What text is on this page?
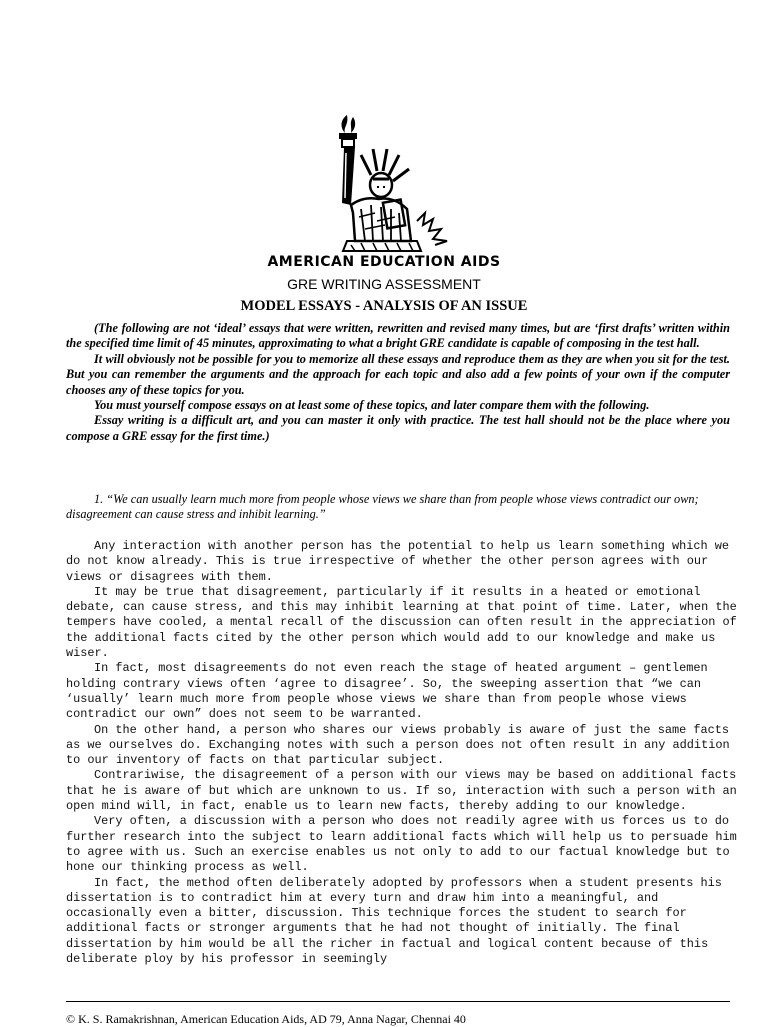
AMERICAN EDUCATION AIDS
GRE WRITING ASSESSMENT
MODEL ESSAYS - ANALYSIS OF AN ISSUE

(The following are not ‘ideal’ essays that were written, rewritten and revised many times, but are ‘first drafts’ written within the specified time limit of 45 minutes, approximating to what a bright GRE candidate is capable of composing in the test hall.

It will obviously not be possible for you to memorize all these essays and reproduce them as they are when you sit for the test. But you can remember the arguments and the approach for each topic and also add a few points of your own if the computer chooses any of these topics for you.

You must yourself compose essays on at least some of these topics, and later compare them with the following.

Essay writing is a difficult art, and you can master it only with practice. The test hall should not be the place where you compose a GRE essay for the first time.)

1. “We can usually learn much more from people whose views we share than from people whose views contradict our own; disagreement can cause stress and inhibit learning.”

Any interaction with another person has the potential to help us learn something which we do not know already. This is true irrespective of whether the other person agrees with our views or disagrees with them.

It may be true that disagreement, particularly if it results in a heated or emotional debate, can cause stress, and this may inhibit learning at that point of time. Later, when the tempers have cooled, a mental recall of the discussion can often result in the appreciation of the additional facts cited by the other person which would add to our knowledge and make us wiser.

In fact, most disagreements do not even reach the stage of heated argument – gentlemen holding contrary views often ‘agree to disagree’. So, the sweeping assertion that “we can ‘usually’ learn much more from people whose views we share than from people whose views contradict our own” does not seem to be warranted.

On the other hand, a person who shares our views probably is aware of just the same facts as we ourselves do. Exchanging notes with such a person does not often result in any addition to our inventory of facts on that particular subject.

Contrariwise, the disagreement of a person with our views may be based on additional facts that he is aware of but which are unknown to us. If so, interaction with such a person with an open mind will, in fact, enable us to learn new facts, thereby adding to our knowledge.

Very often, a discussion with a person who does not readily agree with us forces us to do further research into the subject to learn additional facts which will help us to persuade him to agree with us. Such an exercise enables us not only to add to our factual knowledge but to hone our thinking process as well.

In fact, the method often deliberately adopted by professors when a student presents his dissertation is to contradict him at every turn and draw him into a meaningful, and occasionally even a bitter, discussion. This technique forces the student to search for additional facts or stronger arguments that he had not thought of initially. The final dissertation by him would be all the richer in factual and logical content because of this deliberate ploy by his professor in seemingly

© K. S. Ramakrishnan, American Education Aids, AD 79, Anna Nagar, Chennai 40
